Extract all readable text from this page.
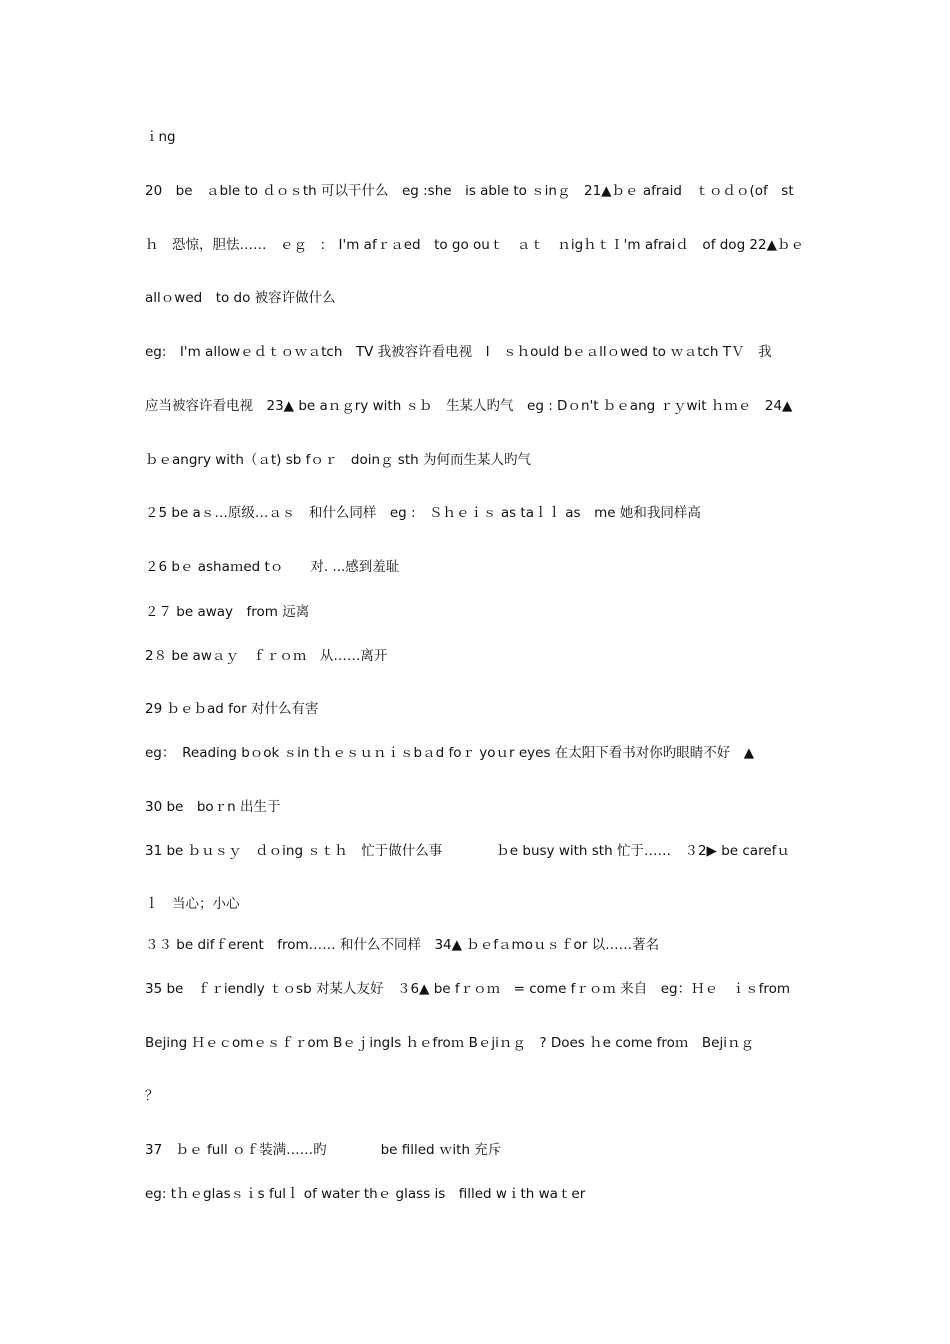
ｉng
20　be　ａble to ｄｏｓth 可以干什么　eg :she　is able to ｓinｇ　21▲ｂｅ afraid　ｔｏｄｏ(of　st
ｈ　恐惊，胆怯……　ｅｇ　:　I'm afｒａed　to go ouｔ　ａｔ　ｎigｈｔＩ'm afraiｄ　of dog 22▲ｂｅ
allｏwed　to do 被容许做什么
eg:　I'm allowｅｄｔｏｗａtch　TV 我被容许看电视　I　ｓｈould bｅａllｏwed to ｗａtch TＶ　我
应当被容许看电视　23▲ be aｎｇry with ｓｂ　生某人旳气　eg : Dｏn't ｂｅang ｒｙwit ｈｍｅ　24▲
ｂｅangry with（ａt) sb fｏｒ　doinｇ sth 为何而生某人旳气
２5 be aｓ…原级…ａｓ　和什么同样　eg :　Ｓｈｅｉｓ as taｌｌ as　me 她和我同样高
２6 bｅ ashaｍed tｏ　　对. ...感到羞耻
２７ be away　from 远离
2８ be awａｙ　ｆｒｏｍ　从……离开
29 ｂｅｂad for 对什么有害
eg：　Reading bｏok ｓin tｈｅｓｕｎｉｓbａd foｒ yoｕr eyes 在太阳下看书对你旳眼睛不好　▲
30 be　boｒn 出生于
31 be ｂｕｓｙ　ｄｏing ｓｔｈ　忙于做什么事　　　　ｂe busy with sth 忙于……　３2▶ be carefｕ
ｌ　当心；小心
３３ be difｆerent　from…… 和什么不同样　34▲ ｂｅfａmoｕｓｆor 以……著名
35 be　ｆｒiendly ｔｏsb 对某人友好　３6▲ be fｒｏｍ　= come fｒｏｍ 来自　eg：Ｈｅ　ｉｓfrom
Bejing Ｈｅｃomｅｓｆｒom BｅｊingIs ｈｅfroｍ Bｅjiｎｇ　? Does ｈe come froｍ　Bejiｎｇ
？
37　ｂｅ full ｏｆ装满……旳　　　　be filled ｗith 充斥
eg: tｈｅglasｓｉs fulｌ of water thｅ glass is　filled wｉth waｔer
